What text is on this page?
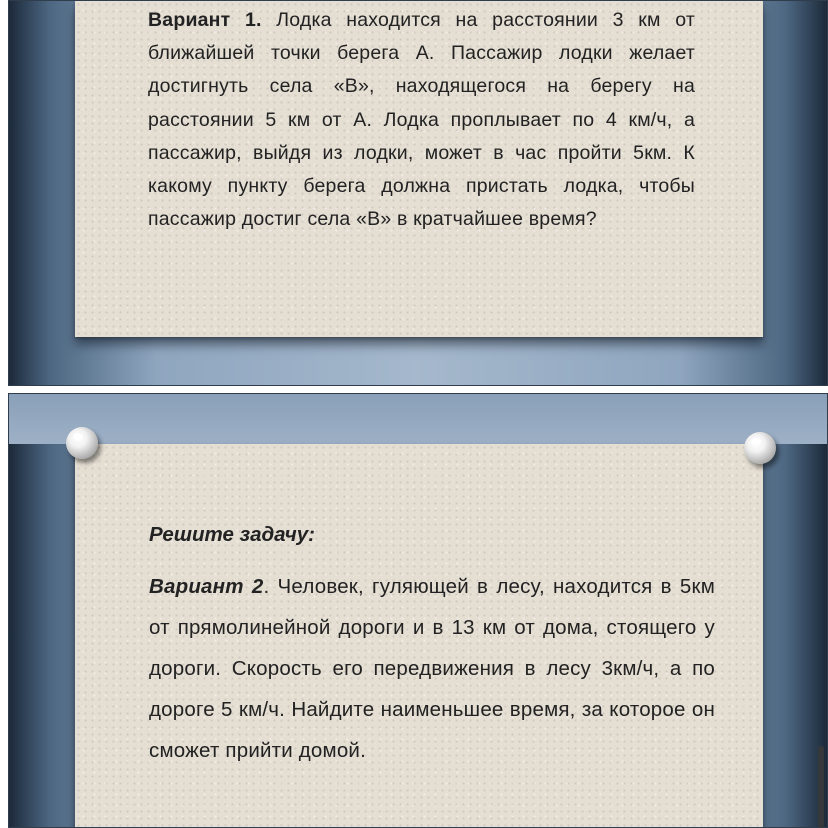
Вариант 1. Лодка находится на расстоянии 3 км от ближайшей точки берега А. Пассажир лодки желает достигнуть села «В», находящегося на берегу на расстоянии 5 км от А. Лодка проплывает по 4 км/ч, а пассажир, выйдя из лодки, может в час пройти 5км. К какому пункту берега должна пристать лодка, чтобы пассажир достиг села «В» в кратчайшее время?

Решите задачу:

Вариант 2. Человек, гуляющей в лесу, находится в 5км от прямолинейной дороги и в 13 км от дома, стоящего у дороги. Скорость его передвижения в лесу 3км/ч, а по дороге 5 км/ч. Найдите наименьшее время, за которое он сможет прийти домой.
